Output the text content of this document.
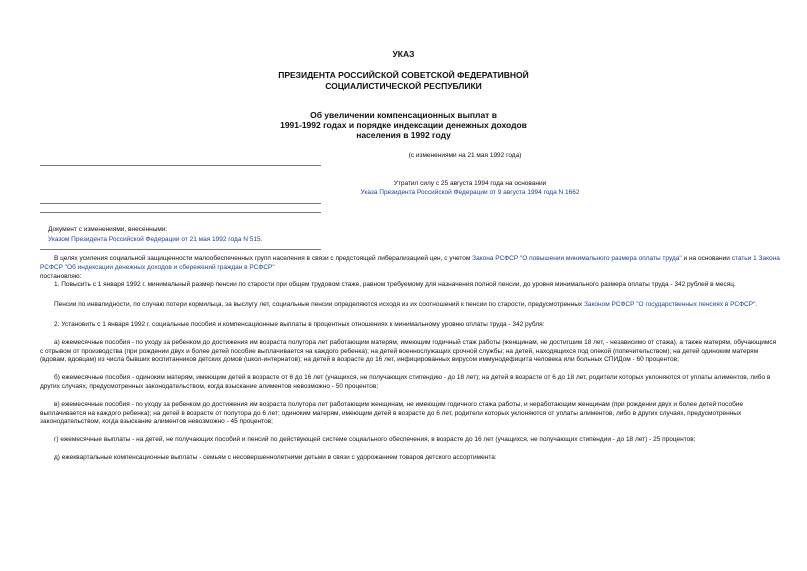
УКАЗ
ПРЕЗИДЕНТА РОССИЙСКОЙ СОВЕТСКОЙ ФЕДЕРАТИВНОЙ
СОЦИАЛИСТИЧЕСКОЙ РЕСПУБЛИКИ
Об увеличении компенсационных выплат в
1991-1992 годах и порядке индексации денежных доходов
населения в 1992 году
(с изменениями на 21 мая 1992 года)
Утратил силу с 25 августа 1994 года на основании
Указа Президента Российской Федерации от 9 августа 1994 года N 1662
Документ с изменениями, внесенными:
Указом Президента Российской Федерации от 21 мая 1992 года N 515.

В целях усиления социальной защищенности малообеспеченных групп населения в связи с предстоящей либерализацией цен, с учетом Закона РСФСР "О повышении минимального размера оплаты труда" и на основании статьи 1 Закона РСФСР "Об индексации денежных доходов и сбережений граждан в РСФСР"

постановляю:

1. Повысить с 1 января 1992 г. минимальный размер пенсии по старости при общем трудовом стаже, равном требуемому для назначения полной пенсии, до уровня минимального размера оплаты труда - 342 рублей в месяц.

Пенсии по инвалидности, по случаю потери кормильца, за выслугу лет, социальные пенсии определяются исходя из их соотношений к пенсии по старости, предусмотренных Законом РСФСР "О государственных пенсиях в РСФСР".

2. Установить с 1 января 1992 г. социальные пособия и компенсационные выплаты в процентных отношениях к минимальному уровню оплаты труда - 342 рубля:

а) ежемесячные пособия - по уходу за ребенком до достижения им возраста полутора лет работающим матерям, имеющим годичный стаж работы (женщинам, не достигшим 18 лет, - независимо от стажа), а также матерям, обучающимся с отрывом от производства (при рождении двух и более детей пособие выплачивается на каждого ребенка); на детей военнослужащих срочной службы; на детей, находящихся под опекой (попечительством); на детей одиноким матерям (вдовам, вдовцам) из числа бывших воспитанников детских домов (школ-интернатов); на детей в возрасте до 16 лет, инфицированных вирусом иммунодефицита человека или больных СПИДом - 60 процентов;

б) ежемесячные пособия - одиноким матерям, имеющим детей в возрасте от 6 до 16 лет (учащихся, не получающих стипендию - до 18 лет); на детей в возрасте от 6 до 18 лет, родители которых уклоняются от уплаты алиментов, либо в других случаях, предусмотренных законодательством, когда взыскание алиментов невозможно - 50 процентов;

в) ежемесячные пособия - по уходу за ребенком до достижения им возраста полутора лет работающим женщинам, не имеющим годичного стажа работы, и неработающим женщинам (при рождении двух и более детей пособие выплачивается на каждого ребенка); на детей в возрасте от полутора до 6 лет; одиноким матерям, имеющим детей в возрасте до 6 лет, родители которых уклоняются от уплаты алиментов, либо в других случаях, предусмотренных законодательством, когда взыскание алиментов невозможно - 45 процентов;

г) ежемесячные выплаты - на детей, не получающих пособий и пенсий по действующей системе социального обеспечения, в возрасте до 16 лет (учащихся, не получающих стипендии - до 18 лет) - 25 процентов;

д) ежеквартальные компенсационные выплаты - семьям с несовершеннолетними детьми в связи с удорожанием товаров детского ассортимента:
